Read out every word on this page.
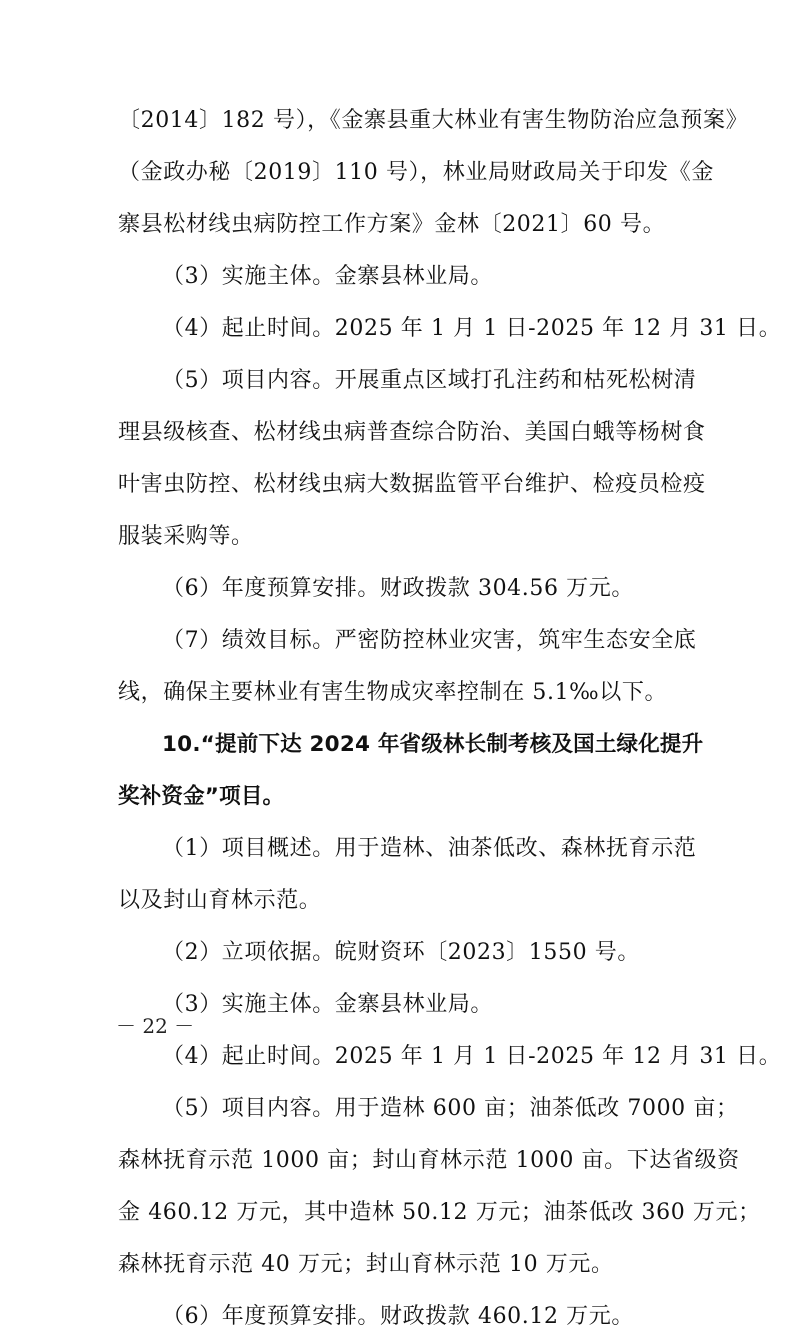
〔2014〕182 号），《金寨县重大林业有害生物防治应急预案》
（金政办秘〔2019〕110 号），林业局财政局关于印发《金
寨县松材线虫病防控工作方案》金林〔2021〕60 号。
（3）实施主体。金寨县林业局。
（4）起止时间。2025 年 1 月 1 日-2025 年 12 月 31 日。
（5）项目内容。开展重点区域打孔注药和枯死松树清
理县级核查、松材线虫病普查综合防治、美国白蛾等杨树食
叶害虫防控、松材线虫病大数据监管平台维护、检疫员检疫
服装采购等。
（6）年度预算安排。财政拨款 304.56 万元。
（7）绩效目标。严密防控林业灾害，筑牢生态安全底
线，确保主要林业有害生物成灾率控制在 5.1‰以下。
10.“提前下达 2024 年省级林长制考核及国土绿化提升
奖补资金”项目。
（1）项目概述。用于造林、油茶低改、森林抚育示范
以及封山育林示范。
（2）立项依据。皖财资环〔2023〕1550 号。
（3）实施主体。金寨县林业局。
（4）起止时间。2025 年 1 月 1 日-2025 年 12 月 31 日。
（5）项目内容。用于造林 600 亩；油茶低改 7000 亩；
森林抚育示范 1000 亩；封山育林示范 1000 亩。下达省级资
金 460.12 万元，其中造林 50.12 万元；油茶低改 360 万元；
森林抚育示范 40 万元；封山育林示范 10 万元。
（6）年度预算安排。财政拨款 460.12 万元。
－ 22 －
